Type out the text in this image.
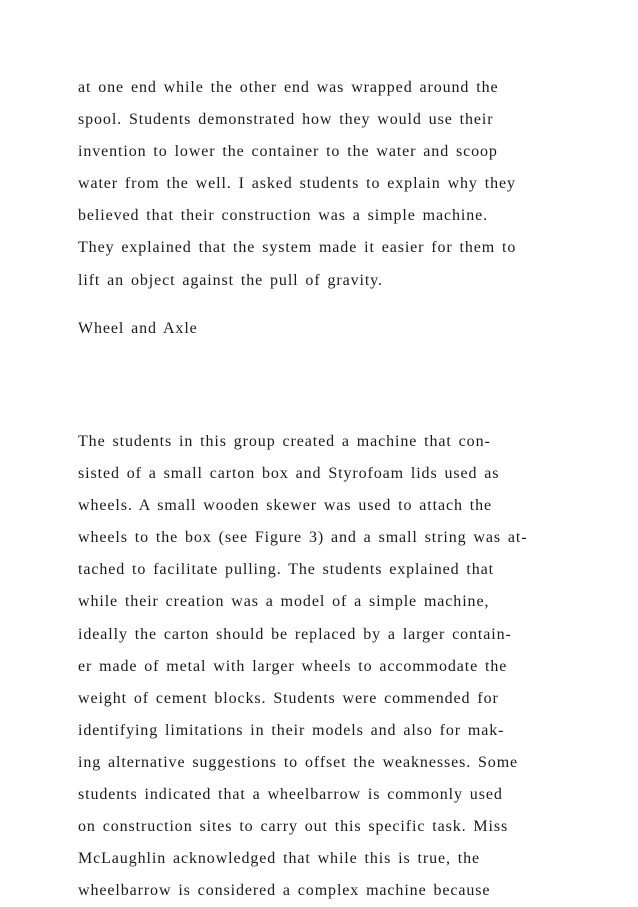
at one end while the other end was wrapped around the
spool. Students demonstrated how they would use their
invention to lower the container to the water and scoop
water from the well. I asked students to explain why they
believed that their construction was a simple machine.
They explained that the system made it easier for them to
lift an object against the pull of gravity.
Wheel and Axle
The students in this group created a machine that con-
sisted of a small carton box and Styrofoam lids used as
wheels. A small wooden skewer was used to attach the
wheels to the box (see Figure 3) and a small string was at-
tached to facilitate pulling. The students explained that
while their creation was a model of a simple machine,
ideally the carton should be replaced by a larger contain-
er made of metal with larger wheels to accommodate the
weight of cement blocks. Students were commended for
identifying limitations in their models and also for mak-
ing alternative suggestions to offset the weaknesses. Some
students indicated that a wheelbarrow is commonly used
on construction sites to carry out this specific task. Miss
McLaughlin acknowledged that while this is true, the
wheelbarrow is considered a complex machine because
